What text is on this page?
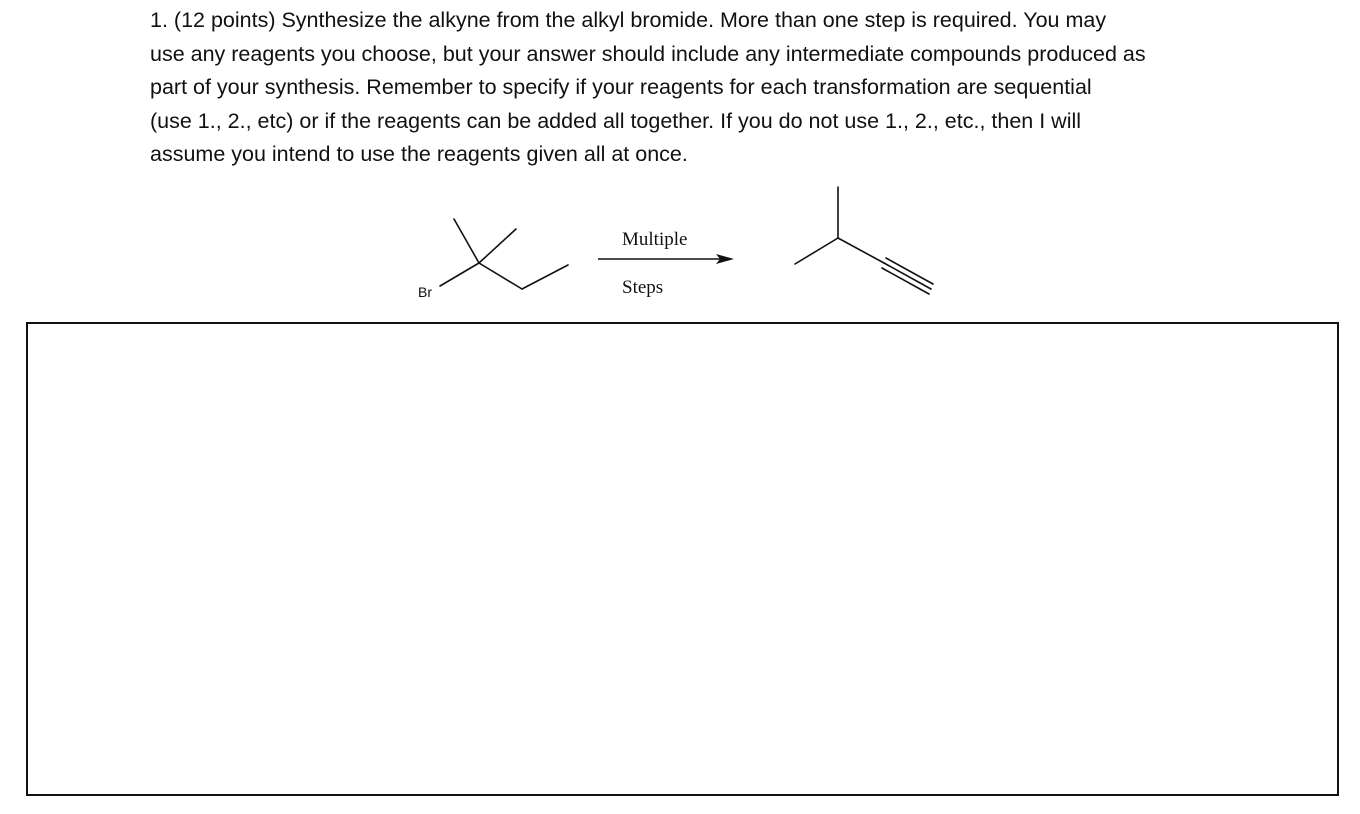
1. (12 points) Synthesize the alkyne from the alkyl bromide. More than one step is required. You may
use any reagents you choose, but your answer should include any intermediate compounds produced as
part of your synthesis. Remember to specify if your reagents for each transformation are sequential
(use 1., 2., etc) or if the reagents can be added all together. If you do not use 1., 2., etc., then I will
assume you intend to use the reagents given all at once.

Br
Multiple
Steps
